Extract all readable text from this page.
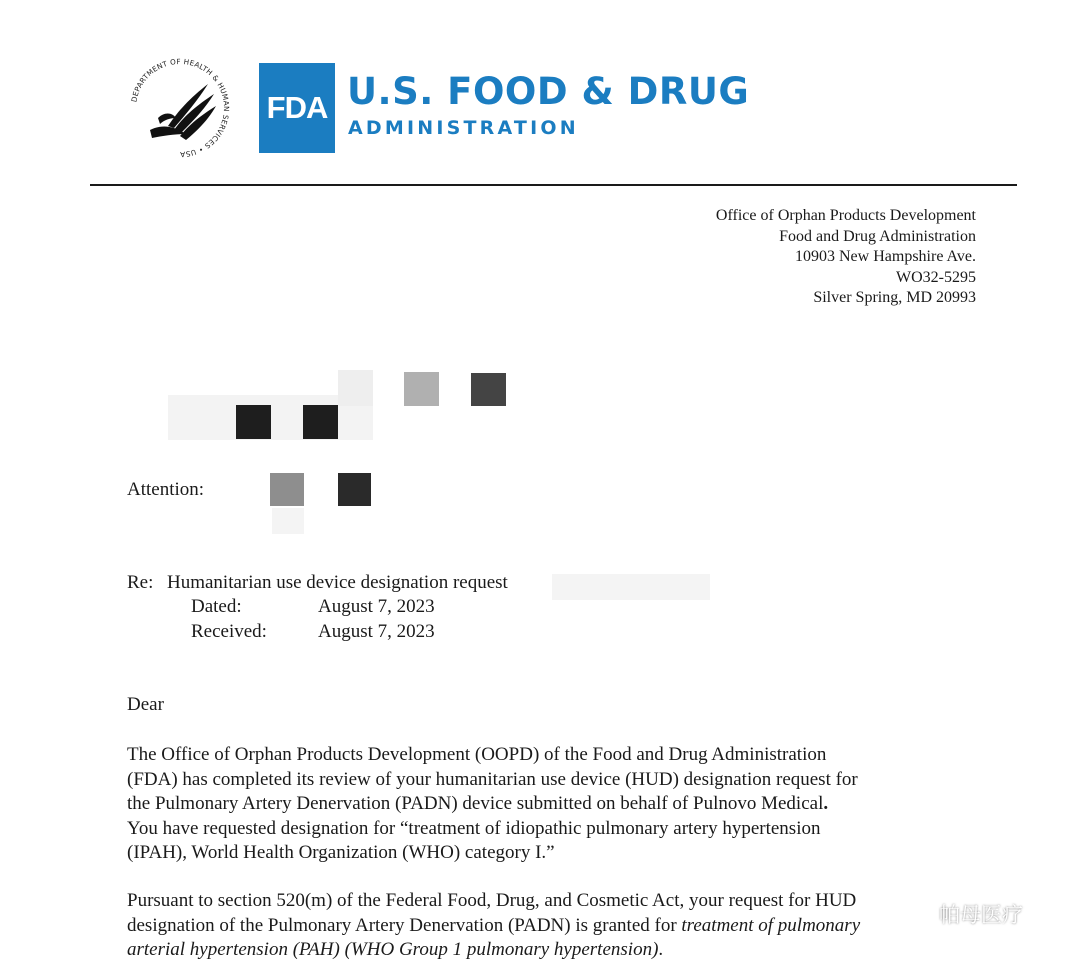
DEPARTMENT OF HEALTH & HUMAN SERVICES • USA
FDA U.S. FOOD & DRUG
ADMINISTRATION
Office of Orphan Products Development
Food and Drug Administration
10903 New Hampshire Ave.
WO32-5295
Silver Spring, MD 20993
Attention:
Re: Humanitarian use device designation request
Dated:	August 7, 2023
Received:	August 7, 2023
Dear
The Office of Orphan Products Development (OOPD) of the Food and Drug Administration
(FDA) has completed its review of your humanitarian use device (HUD) designation request for
the Pulmonary Artery Denervation (PADN) device submitted on behalf of Pulnovo Medical.
You have requested designation for “treatment of idiopathic pulmonary artery hypertension
(IPAH), World Health Organization (WHO) category I.”
Pursuant to section 520(m) of the Federal Food, Drug, and Cosmetic Act, your request for HUD
designation of the Pulmonary Artery Denervation (PADN) is granted for treatment of pulmonary
arterial hypertension (PAH) (WHO Group 1 pulmonary hypertension).
帕母医疗
